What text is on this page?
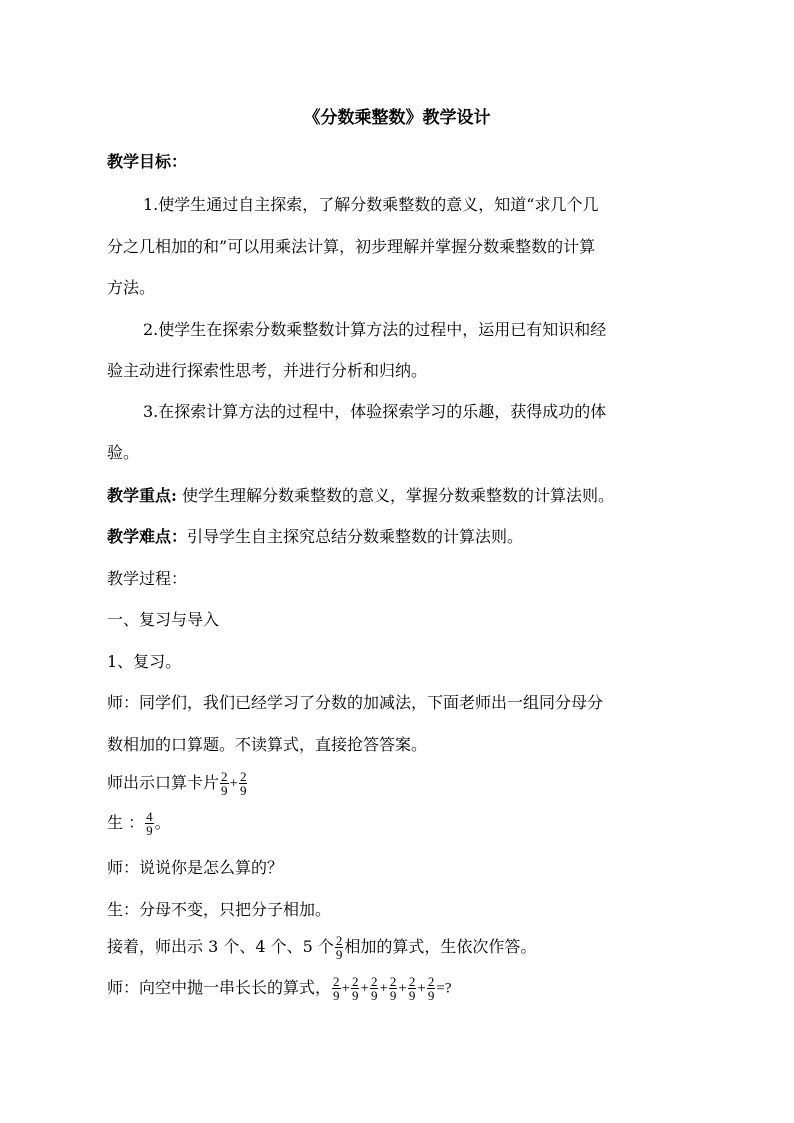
《分数乘整数》教学设计
教学目标：
1.使学生通过自主探索，了解分数乘整数的意义，知道“求几个几
分之几相加的和”可以用乘法计算，初步理解并掌握分数乘整数的计算
方法。
2.使学生在探索分数乘整数计算方法的过程中，运用已有知识和经
验主动进行探索性思考，并进行分析和归纳。
3.在探索计算方法的过程中，体验探索学习的乐趣，获得成功的体
验。
教学重点: 使学生理解分数乘整数的意义，掌握分数乘整数的计算法则。
教学难点：引导学生自主探究总结分数乘整数的计算法则。
教学过程：
一、复习与导入
1、复习。
师：同学们，我们已经学习了分数的加减法，下面老师出一组同分母分
数相加的口算题。不读算式，直接抢答答案。
师出示口算卡片 $\frac{2}{9} + \frac{2}{9}$
生 ： $\frac{4}{9}$ 。
师：说说你是怎么算的？
生：分母不变，只把分子相加。
接着，师出示 3 个、4 个、5 个 $\frac{2}{9}$ 相加的算式，生依次作答。
师：向空中抛一串长长的算式， $\frac{2}{9} + \frac{2}{9} + \frac{2}{9} + \frac{2}{9} + \frac{2}{9} + \frac{2}{9}$ =?
